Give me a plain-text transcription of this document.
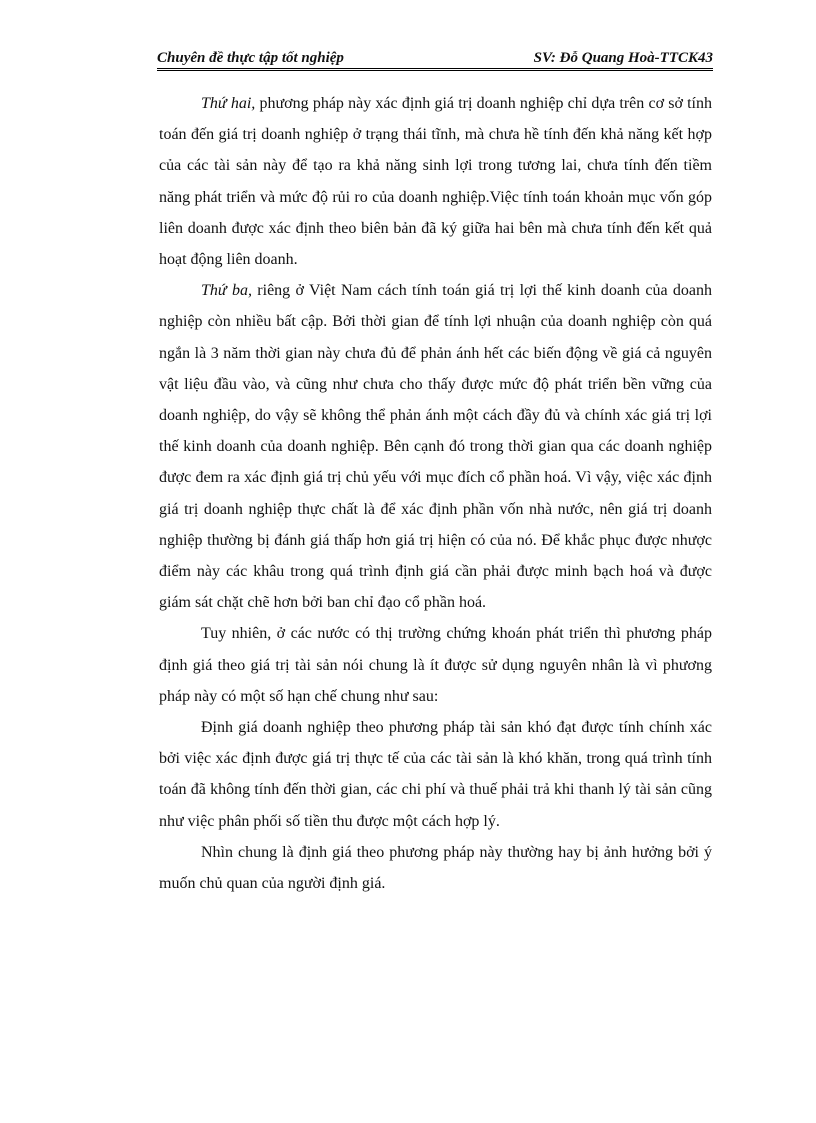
Chuyên đề thực tập tốt nghiệp	SV: Đỗ Quang Hoà-TTCK43

Thứ hai, phương pháp này xác định giá trị doanh nghiệp chỉ dựa trên cơ sở tính toán đến giá trị doanh nghiệp ở trạng thái tĩnh, mà chưa hề tính đến khả năng kết hợp của các tài sản này để tạo ra khả năng sinh lợi trong tương lai, chưa tính đến tiềm năng phát triển và mức độ rủi ro của doanh nghiệp.Việc tính toán khoản mục vốn góp liên doanh được xác định theo biên bản đã ký giữa hai bên mà chưa tính đến kết quả hoạt động liên doanh.

Thứ ba, riêng ở Việt Nam cách tính toán giá trị lợi thế kinh doanh của doanh nghiệp còn nhiều bất cập. Bởi thời gian để tính lợi nhuận của doanh nghiệp còn quá ngắn là 3 năm thời gian này chưa đủ để phản ánh hết các biến động về giá cả nguyên vật liệu đầu vào, và cũng như chưa cho thấy được mức độ phát triển bền vững của doanh nghiệp, do vậy sẽ không thể phản ánh một cách đầy đủ và chính xác giá trị lợi thế kinh doanh của doanh nghiệp. Bên cạnh đó trong thời gian qua các doanh nghiệp được đem ra xác định giá trị chủ yếu với mục đích cổ phần hoá. Vì vậy, việc xác định giá trị doanh nghiệp thực chất là để xác định phần vốn nhà nước, nên giá trị doanh nghiệp thường bị đánh giá thấp hơn giá trị hiện có của nó. Để khắc phục được nhược điểm này các khâu trong quá trình định giá cần phải được minh bạch hoá và được giám sát chặt chẽ hơn bởi ban chỉ đạo cổ phần hoá.

Tuy nhiên, ở các nước có thị trường chứng khoán phát triển thì phương pháp định giá theo giá trị tài sản nói chung là ít được sử dụng nguyên nhân là vì phương pháp này có một số hạn chế chung như sau:

Định giá doanh nghiệp theo phương pháp tài sản khó đạt được tính chính xác bởi việc xác định được giá trị thực tế của các tài sản là khó khăn, trong quá trình tính toán đã không tính đến thời gian, các chi phí và thuế phải trả khi thanh lý tài sản cũng như việc phân phối số tiền thu được một cách hợp lý.

Nhìn chung là định giá theo phương pháp này thường hay bị ảnh hưởng bởi ý muốn chủ quan của người định giá.
